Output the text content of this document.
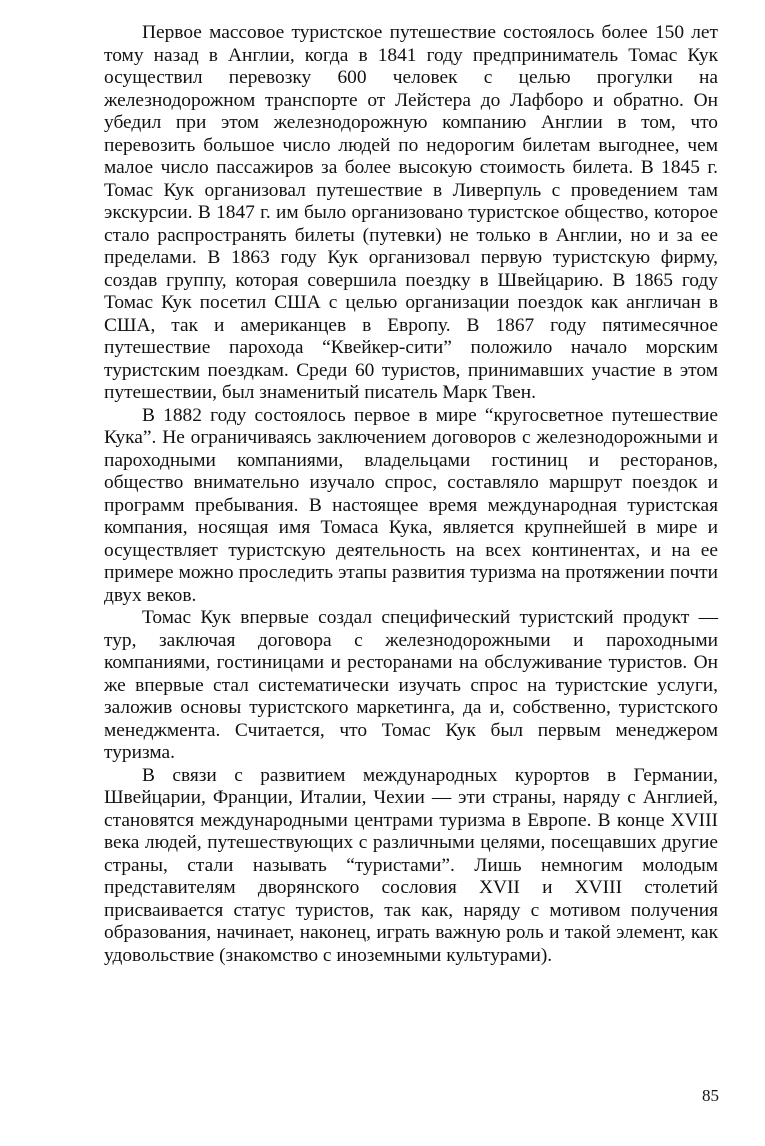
Первое массовое туристское путешествие состоялось более 150 лет тому назад в Англии, когда в 1841 году предприниматель Томас Кук осуществил перевозку 600 человек с целью прогулки на железнодорожном транспорте от Лейстера до Лафборо и обратно. Он убедил при этом железнодорожную компанию Англии в том, что перевозить большое число людей по недорогим билетам выгоднее, чем малое число пассажиров за более высокую стоимость билета. В 1845 г. Томас Кук организовал путешествие в Ливерпуль с проведением там экскурсии. В 1847 г. им было организовано туристское общество, которое стало распространять билеты (путевки) не только в Англии, но и за ее пределами. В 1863 году Кук организовал первую туристскую фирму, создав группу, которая совершила поездку в Швейцарию. В 1865 году Томас Кук посетил США с целью организации поездок как англичан в США, так и американцев в Европу. В 1867 году пятимесячное путешествие парохода “Квейкер-сити” положило начало морским туристским поездкам. Среди 60 туристов, принимавших участие в этом путешествии, был знаменитый писатель Марк Твен.

В 1882 году состоялось первое в мире “кругосветное путешествие Кука”. Не ограничиваясь заключением договоров с железнодорожными и пароходными компаниями, владельцами гостиниц и ресторанов, общество внимательно изучало спрос, составляло маршрут поездок и программ пребывания. В настоящее время международная туристская компания, носящая имя Томаса Кука, является крупнейшей в мире и осуществляет туристскую деятельность на всех континентах, и на ее примере можно проследить этапы развития туризма на протяжении почти двух веков.

Томас Кук впервые создал специфический туристский продукт — тур, заключая договора с железнодорожными и пароходными компаниями, гостиницами и ресторанами на обслуживание туристов. Он же впервые стал систематически изучать спрос на туристские услуги, заложив основы туристского маркетинга, да и, собственно, туристского менеджмента. Считается, что Томас Кук был первым менеджером туризма.

В связи с развитием международных курортов в Германии, Швейцарии, Франции, Италии, Чехии — эти страны, наряду с Англией, становятся международными центрами туризма в Европе. В конце XVIII века людей, путешествующих с различными целями, посещавших другие страны, стали называть “туристами”. Лишь немногим молодым представителям дворянского сословия XVII и XVIII столетий присваивается статус туристов, так как, наряду с мотивом получения образования, начинает, наконец, играть важную роль и такой элемент, как удовольствие (знакомство с иноземными культурами).

85
